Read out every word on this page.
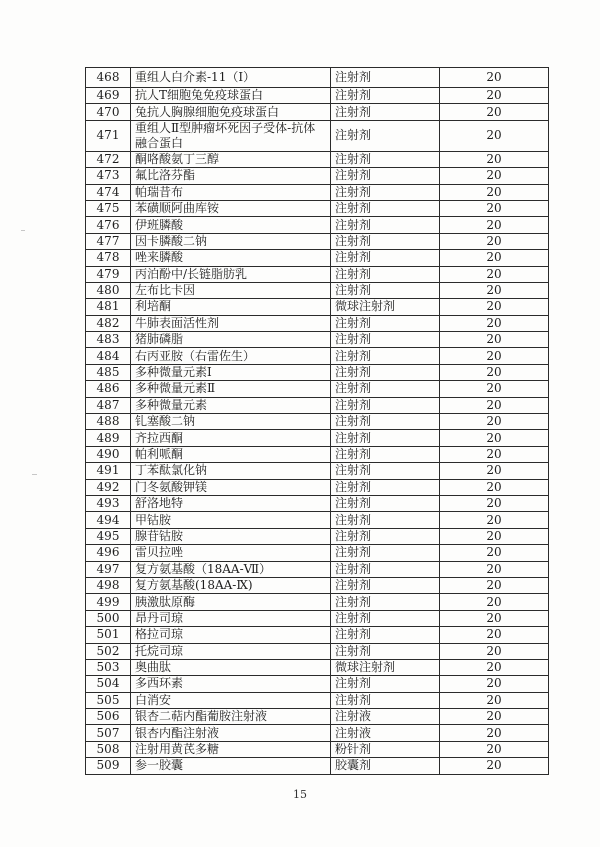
468	重组人白介素-11（Ⅰ）	注射剂	20
469	抗人T细胞兔免疫球蛋白	注射剂	20
470	兔抗人胸腺细胞免疫球蛋白	注射剂	20
471	重组人Ⅱ型肿瘤坏死因子受体-抗体融合蛋白	注射剂	20
472	酮咯酸氨丁三醇	注射剂	20
473	氟比洛芬酯	注射剂	20
474	帕瑞昔布	注射剂	20
475	苯磺顺阿曲库铵	注射剂	20
476	伊班膦酸	注射剂	20
477	因卡膦酸二钠	注射剂	20
478	唑来膦酸	注射剂	20
479	丙泊酚中/长链脂肪乳	注射剂	20
480	左布比卡因	注射剂	20
481	利培酮	微球注射剂	20
482	牛肺表面活性剂	注射剂	20
483	猪肺磷脂	注射剂	20
484	右丙亚胺（右雷佐生）	注射剂	20
485	多种微量元素Ⅰ	注射剂	20
486	多种微量元素Ⅱ	注射剂	20
487	多种微量元素	注射剂	20
488	钆塞酸二钠	注射剂	20
489	齐拉西酮	注射剂	20
490	帕利哌酮	注射剂	20
491	丁苯酞氯化钠	注射剂	20
492	门冬氨酸钾镁	注射剂	20
493	舒洛地特	注射剂	20
494	甲钴胺	注射剂	20
495	腺苷钴胺	注射剂	20
496	雷贝拉唑	注射剂	20
497	复方氨基酸（18AA-Ⅶ）	注射剂	20
498	复方氨基酸(18AA-Ⅸ)	注射剂	20
499	胰激肽原酶	注射剂	20
500	昂丹司琼	注射剂	20
501	格拉司琼	注射剂	20
502	托烷司琼	注射剂	20
503	奥曲肽	微球注射剂	20
504	多西环素	注射剂	20
505	白消安	注射剂	20
506	银杏二萜内酯葡胺注射液	注射液	20
507	银杏内酯注射液	注射液	20
508	注射用黄芪多糖	粉针剂	20
509	参一胶囊	胶囊剂	20
15
